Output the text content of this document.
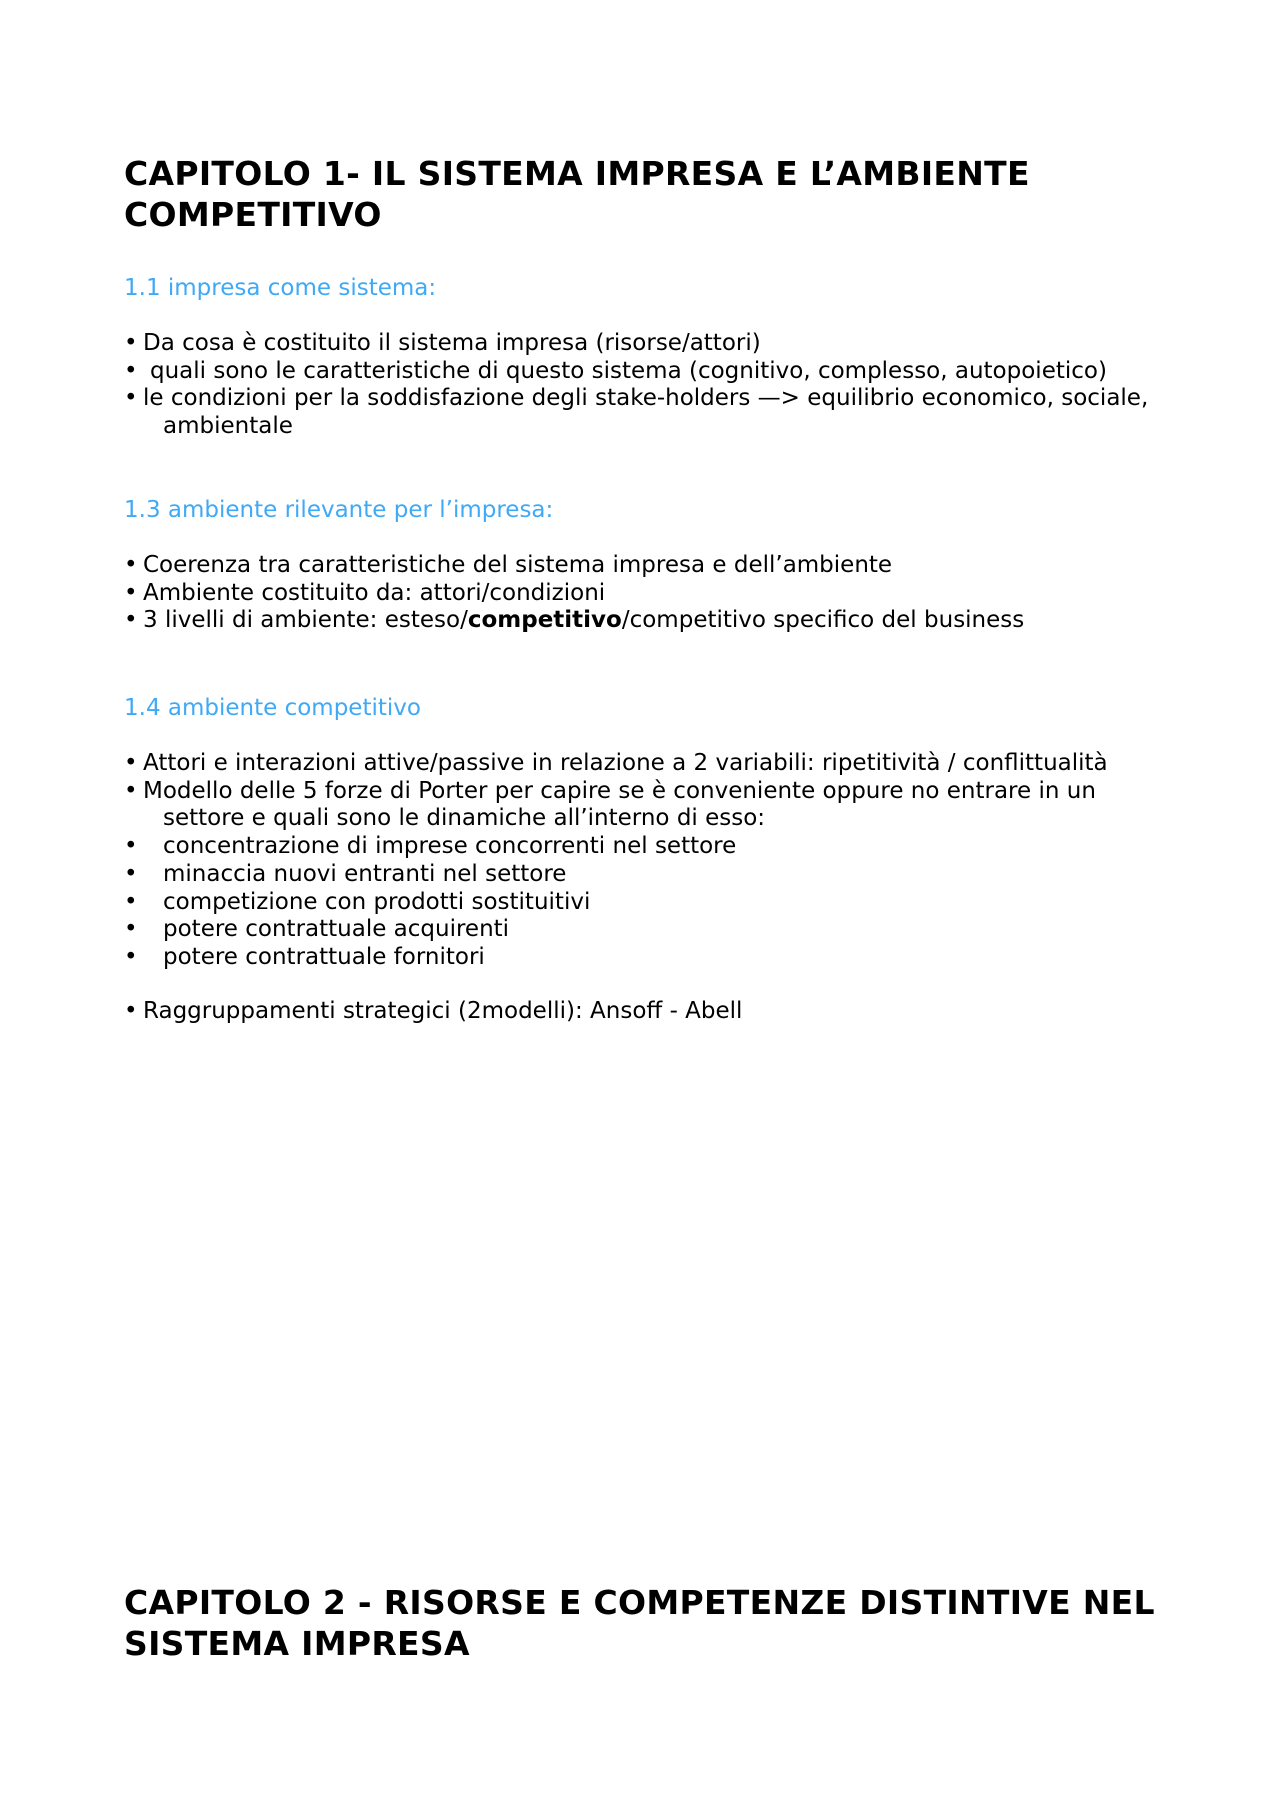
CAPITOLO 1- IL SISTEMA IMPRESA E L’AMBIENTE COMPETITIVO
1.1 impresa come sistema:
• Da cosa è costituito il sistema impresa (risorse/attori)
• quali sono le caratteristiche di questo sistema (cognitivo, complesso, autopoietico)
• le condizioni per la soddisfazione degli stake-holders —> equilibrio economico, sociale, ambientale
1.3 ambiente rilevante per l’impresa:
• Coerenza tra caratteristiche del sistema impresa e dell’ambiente
• Ambiente costituito da: attori/condizioni
• 3 livelli di ambiente: esteso/competitivo/competitivo specifico del business
1.4 ambiente competitivo
• Attori e interazioni attive/passive in relazione a 2 variabili: ripetitività / conflittualità
• Modello delle 5 forze di Porter per capire se è conveniente oppure no entrare in un settore e quali sono le dinamiche all’interno di esso:
• concentrazione di imprese concorrenti nel settore
• minaccia nuovi entranti nel settore
• competizione con prodotti sostituitivi
• potere contrattuale acquirenti
• potere contrattuale fornitori
• Raggruppamenti strategici (2modelli): Ansoff - Abell
CAPITOLO 2 - RISORSE E COMPETENZE DISTINTIVE NEL SISTEMA IMPRESA
